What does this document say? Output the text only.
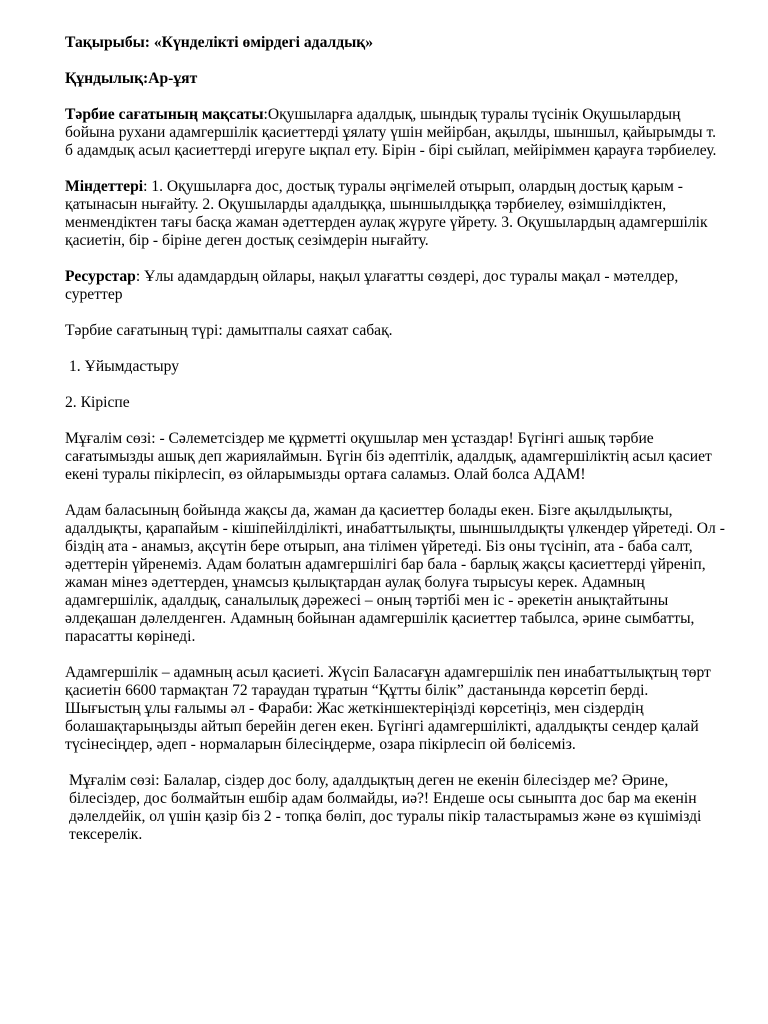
Тақырыбы: «Күнделікті өмірдегі адалдық»

Құндылық:Ар-ұят

Тәрбие сағатының мақсаты:Оқушыларға адалдық, шындық туралы түсінік Оқушылардың бойына рухани адамгершілік қасиеттерді ұялату үшін мейірбан, ақылды, шыншыл, қайырымды т. б адамдық асыл қасиеттерді игеруге ықпал ету. Бірін - бірі сыйлап, мейіріммен қарауға тәрбиелеу.

Міндеттері: 1. Оқушыларға дос, достық туралы әңгімелей отырып, олардың достық қарым - қатынасын нығайту. 2. Оқушыларды адалдыққа, шыншылдыққа тәрбиелеу, өзімшілдіктен, менмендіктен тағы басқа жаман әдеттерден аулақ жүруге үйрету. 3. Оқушылардың адамгершілік қасиетін, бір - біріне деген достық сезімдерін нығайту.

Ресурстар: Ұлы адамдардың ойлары, нақыл ұлағатты сөздері, дос туралы мақал - мәтелдер, суреттер

Тәрбие сағатының түрі: дамытпалы саяхат сабақ.

1. Ұйымдастыру

2. Кіріспе

Мұғалім сөзі: - Сәлеметсіздер ме құрметті оқушылар мен ұстаздар! Бүгінгі ашық тәрбие сағатымызды ашық деп жариялаймын. Бүгін біз әдептілік, адалдық, адамгершіліктің асыл қасиет екені туралы пікірлесіп, өз ойларымызды ортаға саламыз. Олай болса АДАМ!

Адам баласының бойында жақсы да, жаман да қасиеттер болады екен. Бізге ақылдылықты, адалдықты, қарапайым - кішіпейілділікті, инабаттылықты, шыншылдықты үлкендер үйретеді. Ол - біздің ата - анамыз, ақсүтін бере отырып, ана тілімен үйретеді. Біз оны түсініп, ата - баба салт, әдеттерін үйренеміз. Адам болатын адамгершілігі бар бала - барлық жақсы қасиеттерді үйреніп, жаман мінез әдеттерден, ұнамсыз қылықтардан аулақ болуға тырысуы керек. Адамның адамгершілік, адалдық, саналылық дәрежесі – оның тәртібі мен іс - әрекетін анықтайтыны әлдеқашан дәлелденген. Адамның бойынан адамгершілік қасиеттер табылса, әрине сымбатты, парасатты көрінеді.

Адамгершілік – адамның асыл қасиеті. Жүсіп Баласағұн адамгершілік пен инабаттылықтың төрт қасиетін 6600 тармақтан 72 тараудан тұратын “Құтты білік” дастанында көрсетіп берді. Шығыстың ұлы ғалымы әл - Фараби: Жас жеткіншектеріңізді көрсетіңіз, мен сіздердің болашақтарыңызды айтып берейін деген екен. Бүгінгі адамгершілікті, адалдықты сендер қалай түсінесіңдер, әдеп - нормаларын білесіңдерме, озара пікірлесіп ой бөлісеміз.

Мұғалім сөзі: Балалар, сіздер дос болу, адалдықтың деген не екенін білесіздер ме? Әрине, білесіздер, дос болмайтын ешбір адам болмайды, иә?! Ендеше осы сыныпта дос бар ма екенін дәлелдейік, ол үшін қазір біз 2 - топқа бөліп, дос туралы пікір таластырамыз және өз күшімізді тексерелік.
